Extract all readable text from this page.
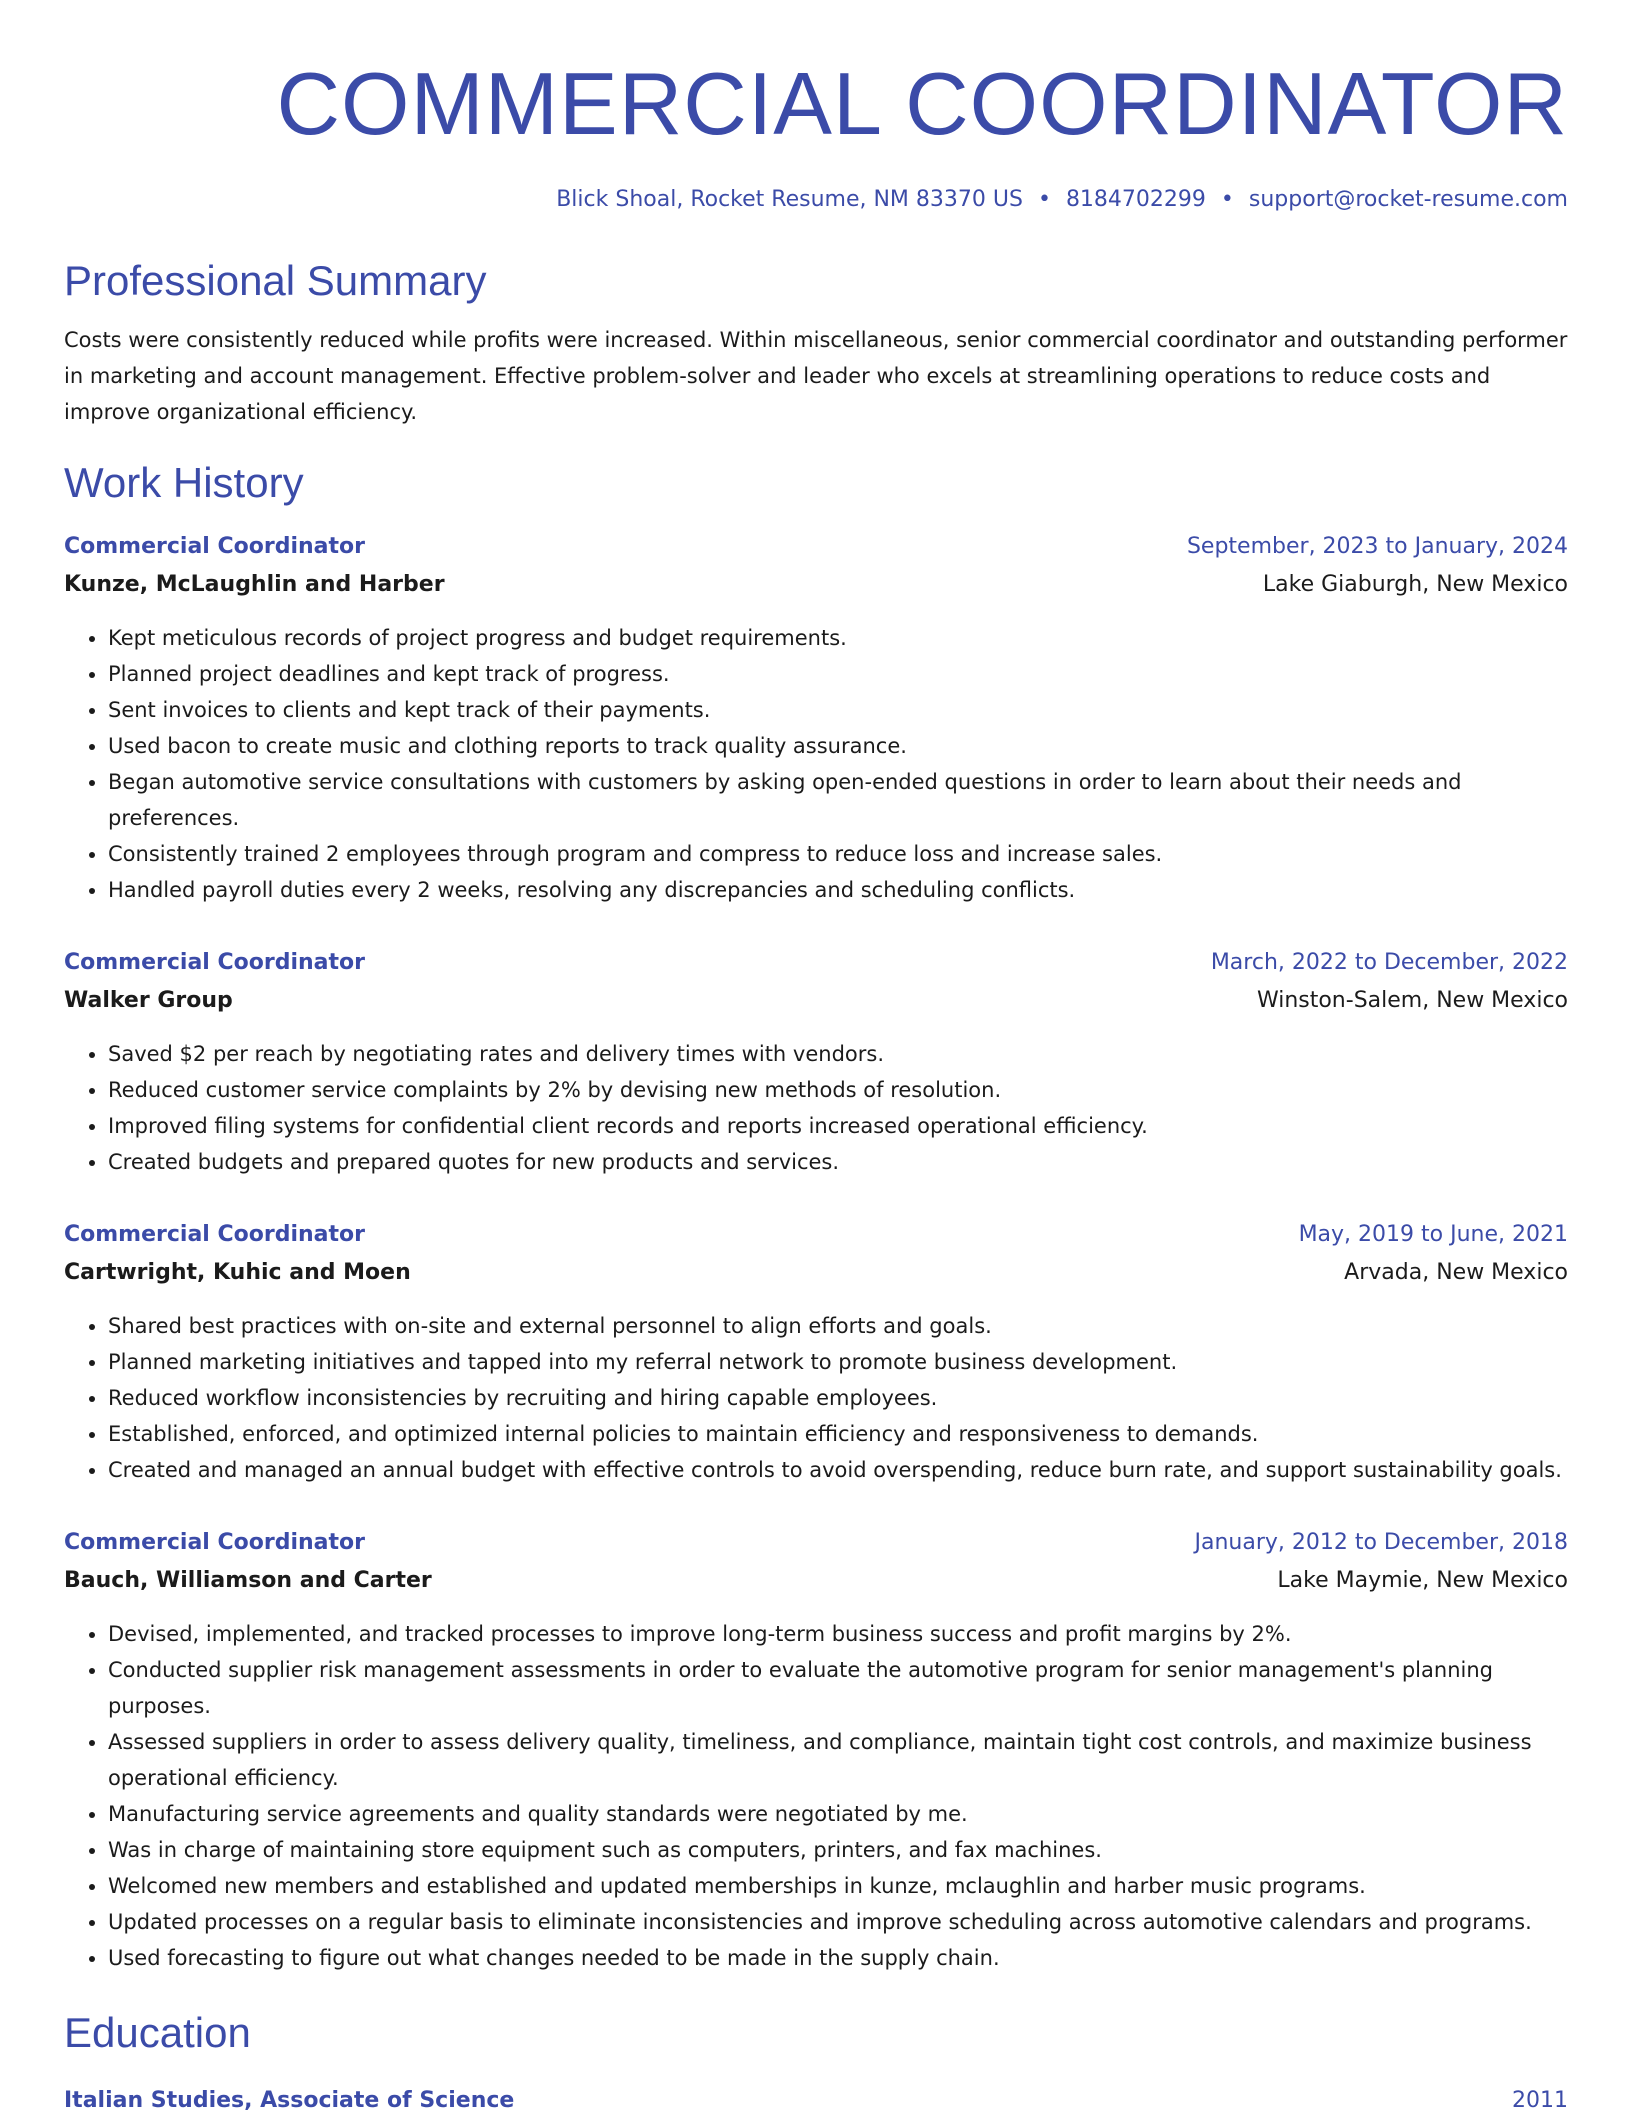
COMMERCIAL COORDINATOR
Blick Shoal, Rocket Resume, NM 83370 US • 8184702299 • support@rocket-resume.com
Professional Summary

Costs were consistently reduced while profits were increased. Within miscellaneous, senior commercial coordinator and outstanding performer in marketing and account management. Effective problem-solver and leader who excels at streamlining operations to reduce costs and improve organizational efficiency.

Work History
Commercial Coordinator	September, 2023 to January, 2024
Kunze, McLaughlin and Harber	Lake Giaburgh, New Mexico
• Kept meticulous records of project progress and budget requirements.
• Planned project deadlines and kept track of progress.
• Sent invoices to clients and kept track of their payments.
• Used bacon to create music and clothing reports to track quality assurance.
• Began automotive service consultations with customers by asking open-ended questions in order to learn about their needs and preferences.
• Consistently trained 2 employees through program and compress to reduce loss and increase sales.
• Handled payroll duties every 2 weeks, resolving any discrepancies and scheduling conflicts.
Commercial Coordinator	March, 2022 to December, 2022
Walker Group	Winston-Salem, New Mexico
• Saved $2 per reach by negotiating rates and delivery times with vendors.
• Reduced customer service complaints by 2% by devising new methods of resolution.
• Improved filing systems for confidential client records and reports increased operational efficiency.
• Created budgets and prepared quotes for new products and services.
Commercial Coordinator	May, 2019 to June, 2021
Cartwright, Kuhic and Moen	Arvada, New Mexico
• Shared best practices with on-site and external personnel to align efforts and goals.
• Planned marketing initiatives and tapped into my referral network to promote business development.
• Reduced workflow inconsistencies by recruiting and hiring capable employees.
• Established, enforced, and optimized internal policies to maintain efficiency and responsiveness to demands.
• Created and managed an annual budget with effective controls to avoid overspending, reduce burn rate, and support sustainability goals.
Commercial Coordinator	January, 2012 to December, 2018
Bauch, Williamson and Carter	Lake Maymie, New Mexico
• Devised, implemented, and tracked processes to improve long-term business success and profit margins by 2%.
• Conducted supplier risk management assessments in order to evaluate the automotive program for senior management's planning purposes.
• Assessed suppliers in order to assess delivery quality, timeliness, and compliance, maintain tight cost controls, and maximize business operational efficiency.
• Manufacturing service agreements and quality standards were negotiated by me.
• Was in charge of maintaining store equipment such as computers, printers, and fax machines.
• Welcomed new members and established and updated memberships in kunze, mclaughlin and harber music programs.
• Updated processes on a regular basis to eliminate inconsistencies and improve scheduling across automotive calendars and programs.
• Used forecasting to figure out what changes needed to be made in the supply chain.
Education
Italian Studies, Associate of Science	2011
